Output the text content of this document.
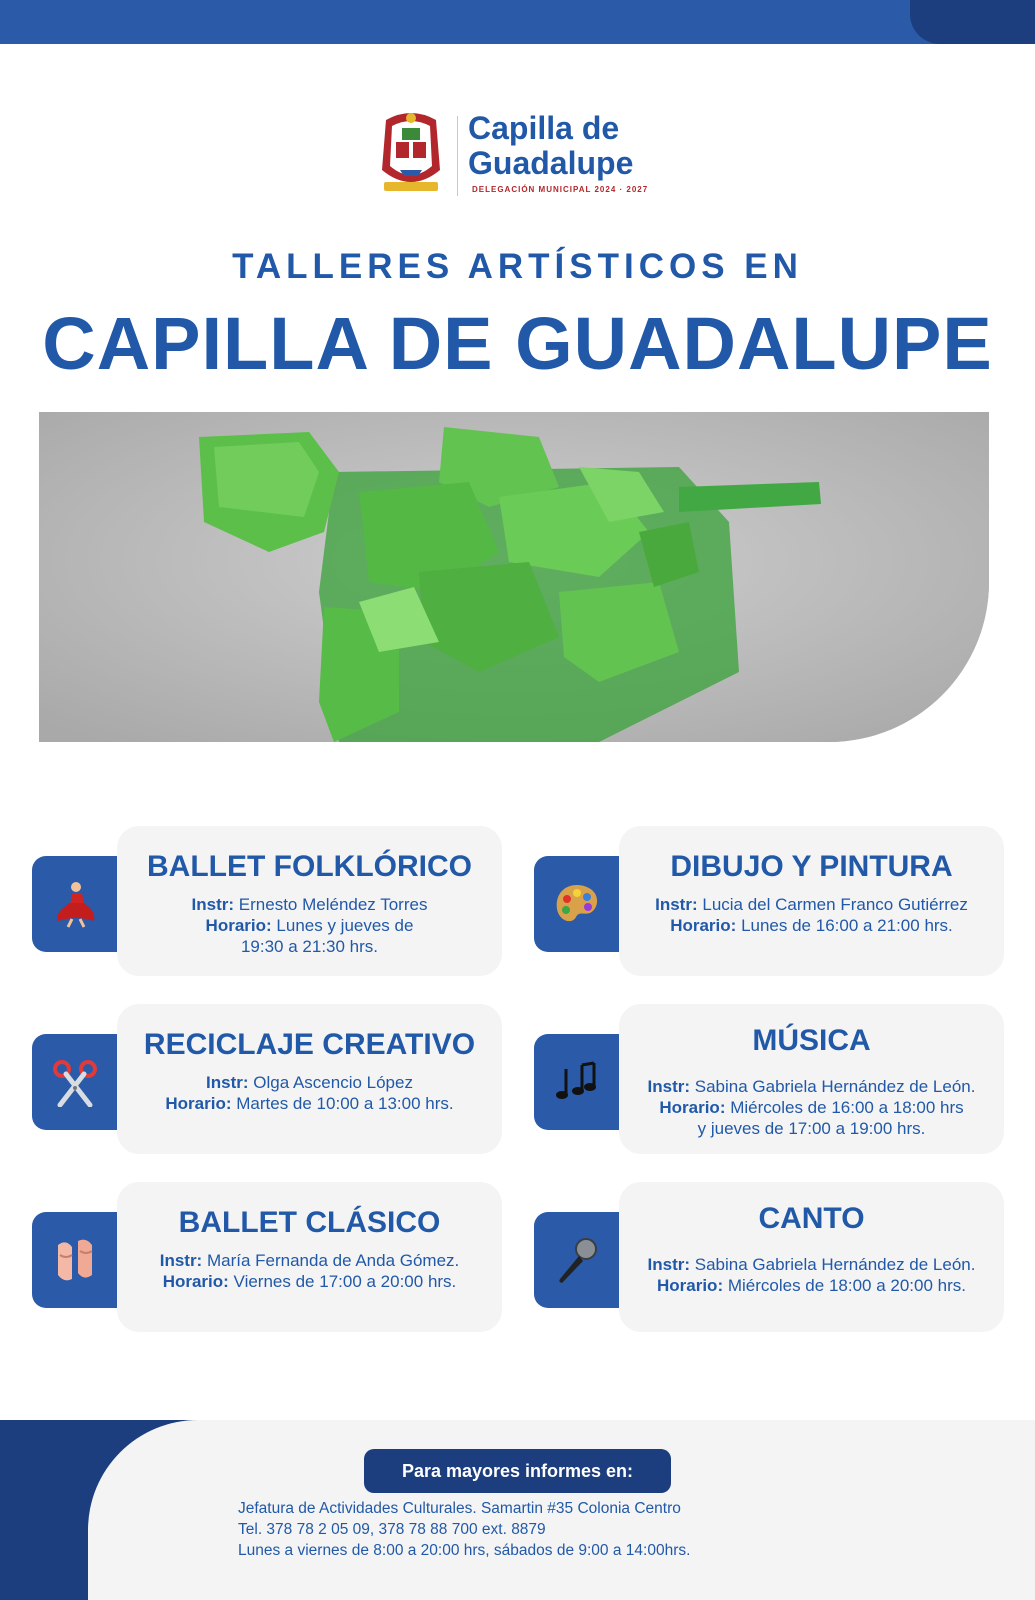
Capilla de
Guadalupe
DELEGACIÓN MUNICIPAL 2024 · 2027
TALLERES ARTÍSTICOS EN
CAPILLA DE GUADALUPE
BALLET FOLKLÓRICO
Instr: Ernesto Meléndez Torres
Horario: Lunes y jueves de
19:30 a 21:30 hrs.
DIBUJO Y PINTURA
Instr: Lucia del Carmen Franco Gutiérrez
Horario: Lunes de 16:00 a 21:00 hrs.
RECICLAJE CREATIVO
Instr: Olga Ascencio López
Horario: Martes de 10:00 a 13:00 hrs.
MÚSICA
Instr: Sabina Gabriela Hernández de León.
Horario: Miércoles de 16:00 a 18:00 hrs
y jueves de 17:00 a 19:00 hrs.
BALLET CLÁSICO
Instr: María Fernanda de Anda Gómez.
Horario: Viernes de 17:00 a 20:00 hrs.
CANTO
Instr: Sabina Gabriela Hernández de León.
Horario: Miércoles de 18:00 a 20:00 hrs.
Para mayores informes en:
Jefatura de Actividades Culturales. Samartin #35 Colonia Centro
Tel. 378 78 2 05 09, 378 78 88 700 ext. 8879
Lunes a viernes de 8:00 a 20:00 hrs, sábados de 9:00 a 14:00hrs.
